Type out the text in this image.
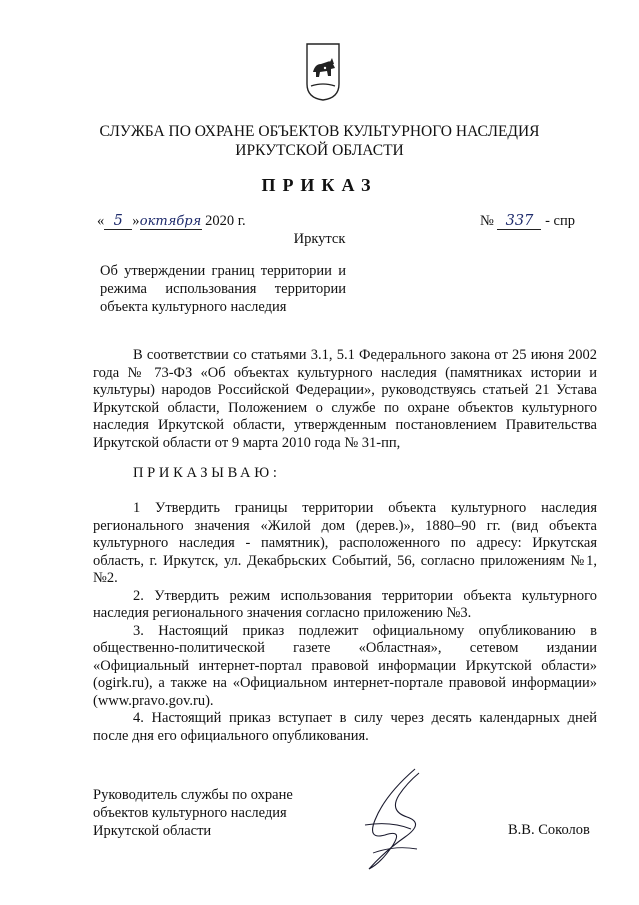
СЛУЖБА ПО ОХРАНЕ ОБЪЕКТОВ КУЛЬТУРНОГО НАСЛЕДИЯ
ИРКУТСКОЙ ОБЛАСТИ
ПРИКАЗ
« 5 »октября 2020 г.	№ 337 - спр
Иркутск
Об утверждении границ территории и
режима использования территории
объекта культурного наследия

В соответствии со статьями 3.1, 5.1 Федерального закона от 25 июня 2002 года № 73-ФЗ «Об объектах культурного наследия (памятниках истории и культуры) народов Российской Федерации», руководствуясь статьей 21 Устава Иркутской области, Положением о службе по охране объектов культурного наследия Иркутской области, утвержденным постановлением Правительства Иркутской области от 9 марта 2010 года № 31-пп,

ПРИКАЗЫВАЮ:

1 Утвердить границы территории объекта культурного наследия регионального значения «Жилой дом (дерев.)», 1880–90 гг. (вид объекта культурного наследия - памятник), расположенного по адресу: Иркутская область, г. Иркутск, ул. Декабрьских Событий, 56, согласно приложениям №1, №2.

2. Утвердить режим использования территории объекта культурного наследия регионального значения согласно приложению №3.

3. Настоящий приказ подлежит официальному опубликованию в общественно-политической газете «Областная», сетевом издании «Официальный интернет-портал правовой информации Иркутской области» (ogirk.ru), а также на «Официальном интернет-портале правовой информации» (www.pravo.gov.ru).

4. Настоящий приказ вступает в силу через десять календарных дней после дня его официального опубликования.

Руководитель службы по охране
объектов культурного наследия
Иркутской области	В.В. Соколов
